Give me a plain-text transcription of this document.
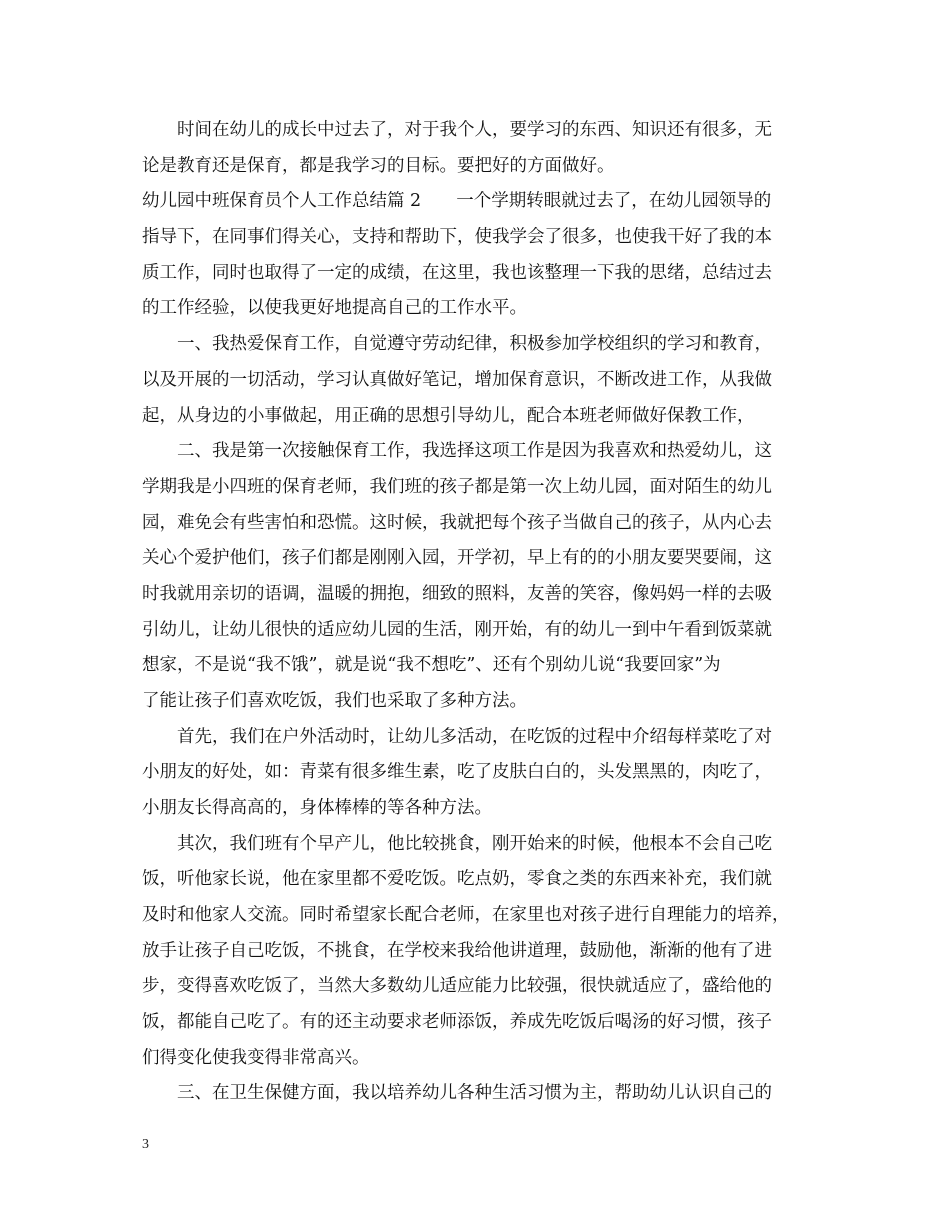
　　时间在幼儿的成长中过去了，对于我个人，要学习的东西、知识还有很多，无
论是教育还是保育，都是我学习的目标。要把好的方面做好。
幼儿园中班保育员个人工作总结篇 2　　一个学期转眼就过去了，在幼儿园领导的
指导下，在同事们得关心，支持和帮助下，使我学会了很多，也使我干好了我的本
质工作，同时也取得了一定的成绩，在这里，我也该整理一下我的思绪，总结过去
的工作经验，以使我更好地提高自己的工作水平。
　　一、我热爱保育工作，自觉遵守劳动纪律，积极参加学校组织的学习和教育，
以及开展的一切活动，学习认真做好笔记，增加保育意识，不断改进工作，从我做
起，从身边的小事做起，用正确的思想引导幼儿，配合本班老师做好保教工作，
　　二、我是第一次接触保育工作，我选择这项工作是因为我喜欢和热爱幼儿，这
学期我是小四班的保育老师，我们班的孩子都是第一次上幼儿园，面对陌生的幼儿
园，难免会有些害怕和恐慌。这时候，我就把每个孩子当做自己的孩子，从内心去
关心个爱护他们，孩子们都是刚刚入园，开学初，早上有的的小朋友要哭要闹，这
时我就用亲切的语调，温暖的拥抱，细致的照料，友善的笑容，像妈妈一样的去吸
引幼儿，让幼儿很快的适应幼儿园的生活，刚开始，有的幼儿一到中午看到饭菜就
想家，不是说“我不饿”，就是说“我不想吃”、还有个别幼儿说“我要回家”为
了能让孩子们喜欢吃饭，我们也采取了多种方法。
　　首先，我们在户外活动时，让幼儿多活动，在吃饭的过程中介绍每样菜吃了对
小朋友的好处，如：青菜有很多维生素，吃了皮肤白白的，头发黑黑的，肉吃了，
小朋友长得高高的，身体棒棒的等各种方法。
　　其次，我们班有个早产儿，他比较挑食，刚开始来的时候，他根本不会自己吃
饭，听他家长说，他在家里都不爱吃饭。吃点奶，零食之类的东西来补充，我们就
及时和他家人交流。同时希望家长配合老师，在家里也对孩子进行自理能力的培养，
放手让孩子自己吃饭，不挑食，在学校来我给他讲道理，鼓励他，渐渐的他有了进
步，变得喜欢吃饭了，当然大多数幼儿适应能力比较强，很快就适应了，盛给他的
饭，都能自己吃了。有的还主动要求老师添饭，养成先吃饭后喝汤的好习惯，孩子
们得变化使我变得非常高兴。
　　三、在卫生保健方面，我以培养幼儿各种生活习惯为主，帮助幼儿认识自己的
3
